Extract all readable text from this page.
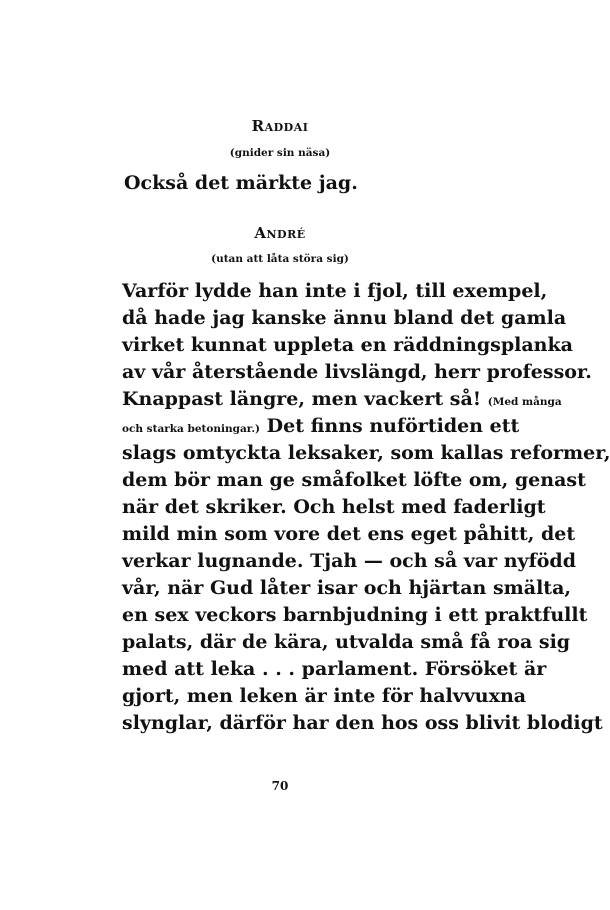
Raddai
(gnider sin näsa)
Också det märkte jag.
André
(utan att låta störa sig)
Varför lydde han inte i fjol, till exempel,
då hade jag kanske ännu bland det gamla
virket kunnat uppleta en räddningsplanka
av vår återstående livslängd, herr professor.
Knappast längre, men vackert så! (Med många
och starka betoningar.) Det finns nuförtiden ett
slags omtyckta leksaker, som kallas reformer,
dem bör man ge småfolket löfte om, genast
när det skriker. Och helst med faderligt
mild min som vore det ens eget påhitt, det
verkar lugnande. Tjah — och så var nyfödd
vår, när Gud låter isar och hjärtan smälta,
en sex veckors barnbjudning i ett praktfullt
palats, där de kära, utvalda små få roa sig
med att leka . . . parlament. Försöket är
gjort, men leken är inte för halvvuxna
slynglar, därför har den hos oss blivit blodigt
70
